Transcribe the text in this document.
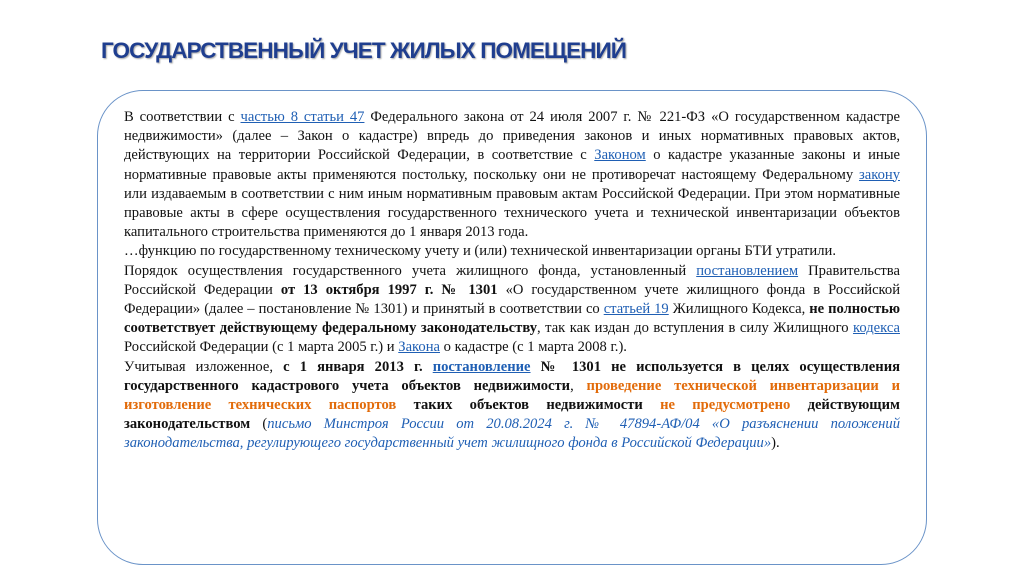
ГОСУДАРСТВЕННЫЙ УЧЕТ ЖИЛЫХ ПОМЕЩЕНИЙ

В соответствии с частью 8 статьи 47 Федерального закона от 24 июля 2007 г. № 221-ФЗ «О государственном кадастре недвижимости» (далее – Закон о кадастре) впредь до приведения законов и иных нормативных правовых актов, действующих на территории Российской Федерации, в соответствие с Законом о кадастре указанные законы и иные нормативные правовые акты применяются постольку, поскольку они не противоречат настоящему Федеральному закону или издаваемым в соответствии с ним иным нормативным правовым актам Российской Федерации. При этом нормативные правовые акты в сфере осуществления государственного технического учета и технической инвентаризации объектов капитального строительства применяются до 1 января 2013 года.

…функцию по государственному техническому учету и (или) технической инвентаризации органы БТИ утратили.

Порядок осуществления государственного учета жилищного фонда, установленный постановлением Правительства Российской Федерации от 13 октября 1997 г. № 1301 «О государственном учете жилищного фонда в Российской Федерации» (далее – постановление № 1301) и принятый в соответствии со статьей 19 Жилищного Кодекса, не полностью соответствует действующему федеральному законодательству, так как издан до вступления в силу Жилищного кодекса Российской Федерации (с 1 марта 2005 г.) и Закона о кадастре (с 1 марта 2008 г.).

Учитывая изложенное, с 1 января 2013 г. постановление № 1301 не используется в целях осуществления государственного кадастрового учета объектов недвижимости, проведение технической инвентаризации и изготовление технических паспортов таких объектов недвижимости не предусмотрено действующим законодательством (письмо Минстроя России от 20.08.2024 г. № 47894-АФ/04 «О разъяснении положений законодательства, регулирующего государственный учет жилищного фонда в Российской Федерации»).
